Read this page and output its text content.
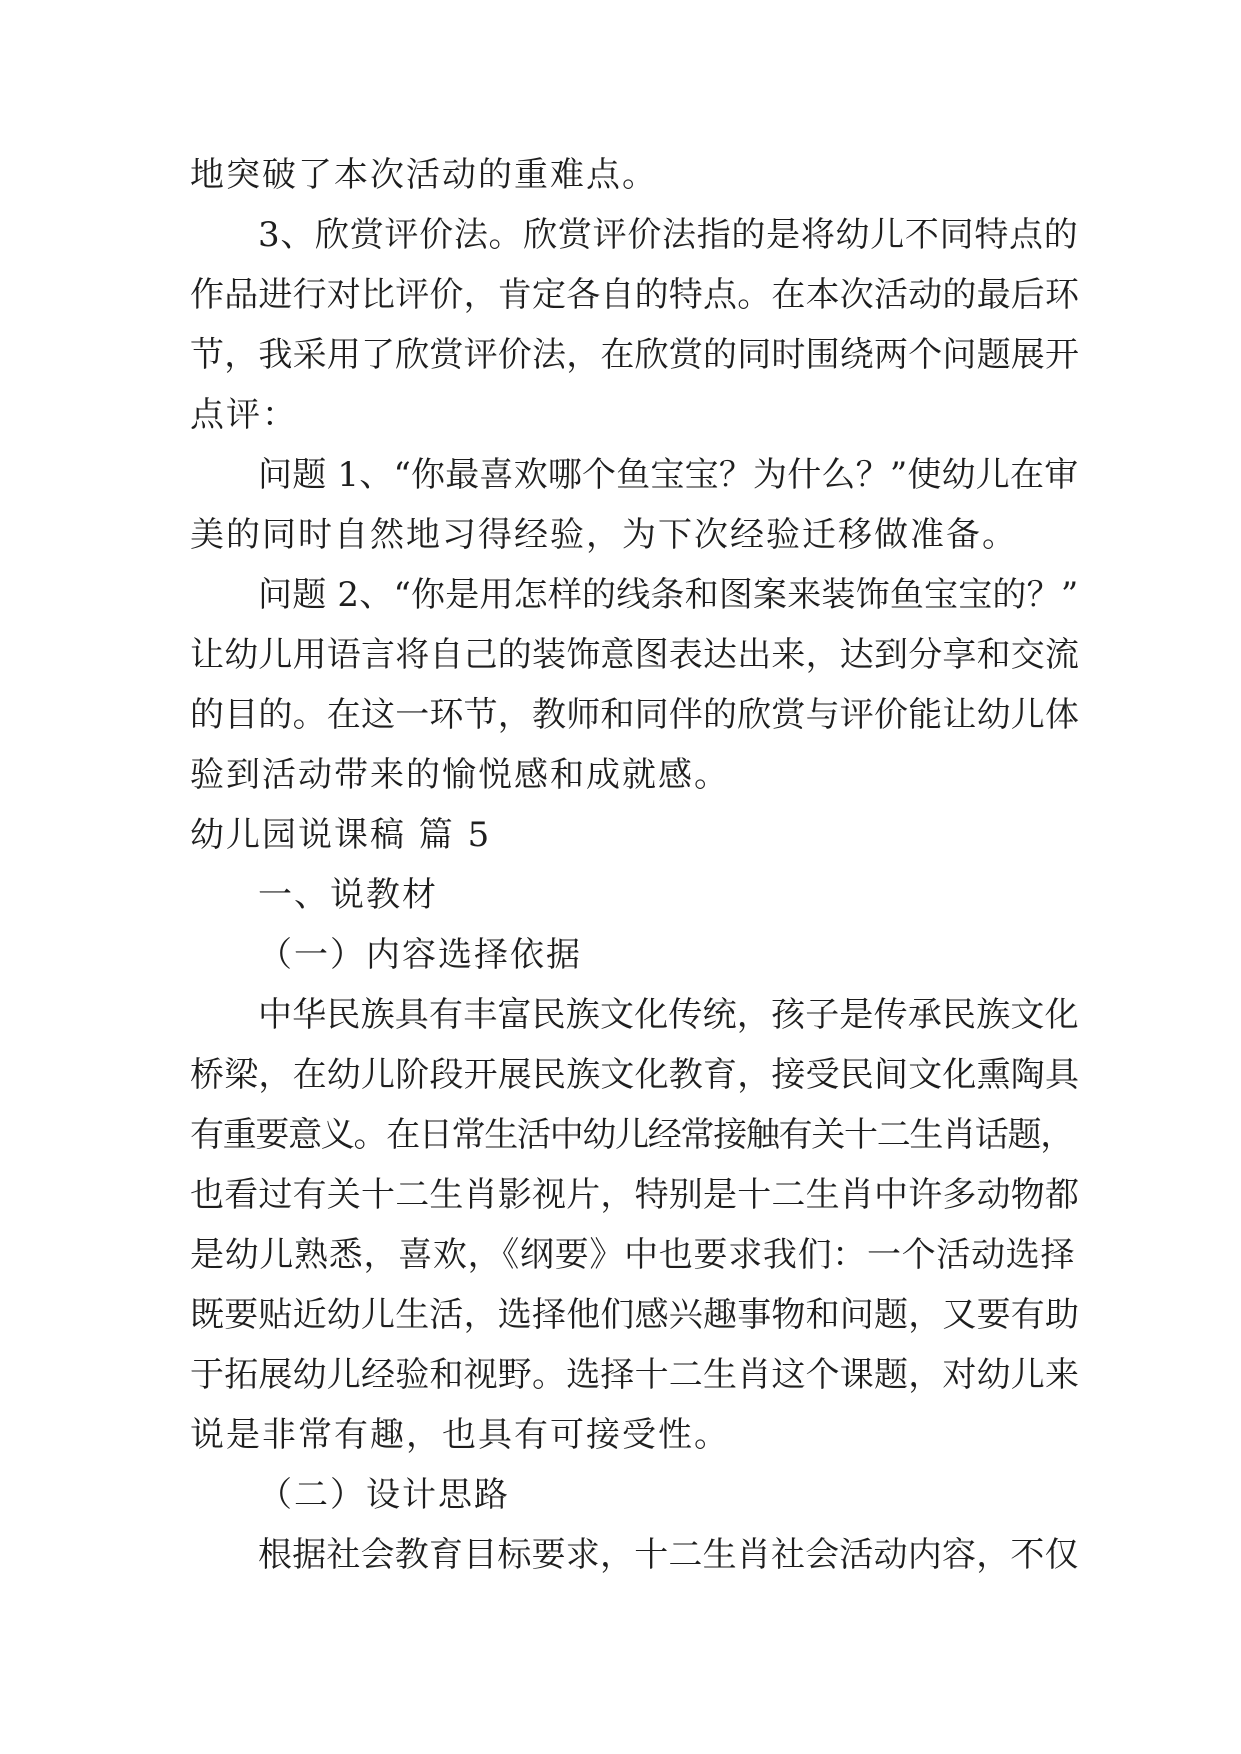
地突破了本次活动的重难点。
3、欣赏评价法。欣赏评价法指的是将幼儿不同特点的
作品进行对比评价，肯定各自的特点。在本次活动的最后环
节，我采用了欣赏评价法，在欣赏的同时围绕两个问题展开
点评：
问题 1、“你最喜欢哪个鱼宝宝？为什么？”使幼儿在审
美的同时自然地习得经验，为下次经验迁移做准备。
问题 2、“你是用怎样的线条和图案来装饰鱼宝宝的？”
让幼儿用语言将自己的装饰意图表达出来，达到分享和交流
的目的。在这一环节，教师和同伴的欣赏与评价能让幼儿体
验到活动带来的愉悦感和成就感。
幼儿园说课稿 篇 5
一、说教材
（一）内容选择依据
中华民族具有丰富民族文化传统，孩子是传承民族文化
桥梁，在幼儿阶段开展民族文化教育，接受民间文化熏陶具
有重要意义。在日常生活中幼儿经常接触有关十二生肖话题，
也看过有关十二生肖影视片，特别是十二生肖中许多动物都
是幼儿熟悉，喜欢，《纲要》中也要求我们：一个活动选择
既要贴近幼儿生活，选择他们感兴趣事物和问题，又要有助
于拓展幼儿经验和视野。选择十二生肖这个课题，对幼儿来
说是非常有趣，也具有可接受性。
（二）设计思路
根据社会教育目标要求，十二生肖社会活动内容，不仅
